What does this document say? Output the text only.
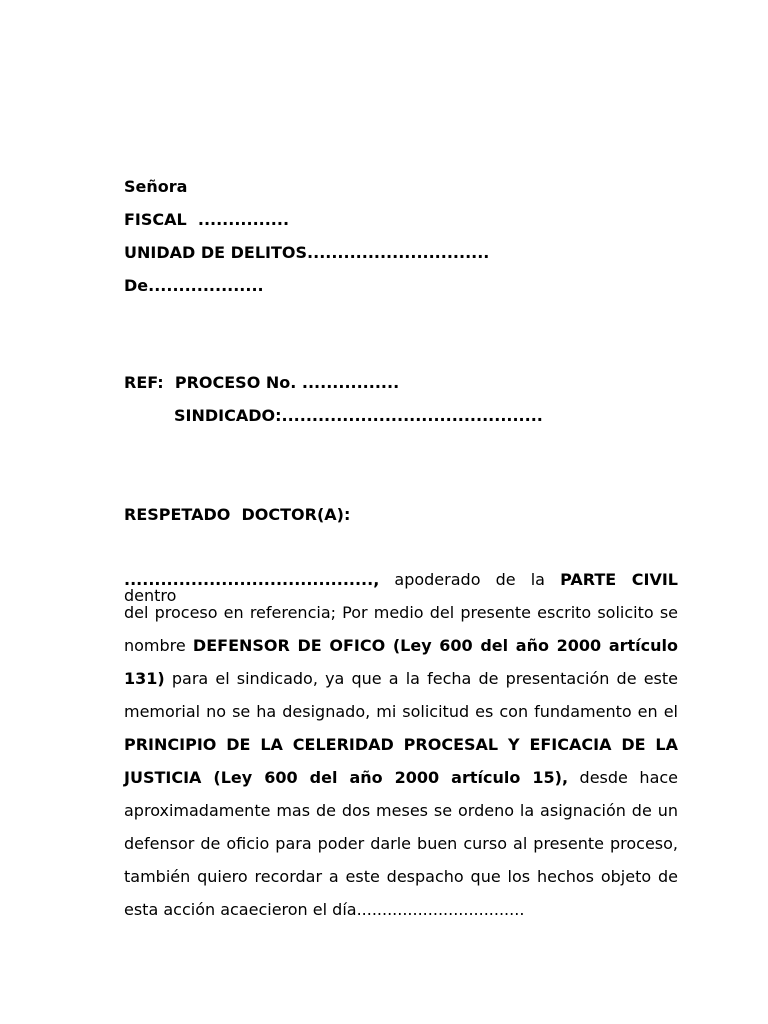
Señora
FISCAL  ...............
UNIDAD DE DELITOS..............................
De...................
REF:  PROCESO No. ................
SINDICADO:...........................................
RESPETADO  DOCTOR(A):
........................................., apoderado de la PARTE CIVIL dentro
del proceso en referencia; Por medio del presente escrito solicito se
nombre DEFENSOR DE OFICO (Ley 600 del año 2000 artículo
131) para el sindicado, ya que a la fecha de presentación de este
memorial no se ha designado, mi solicitud es con fundamento en el
PRINCIPIO DE LA CELERIDAD PROCESAL Y EFICACIA DE LA
JUSTICIA (Ley 600 del año 2000 artículo 15), desde hace
aproximadamente mas de dos meses se ordeno la asignación de un
defensor de oficio para poder darle buen curso al presente proceso,
también quiero recordar a este despacho que los hechos objeto de
esta acción acaecieron el día.................................
